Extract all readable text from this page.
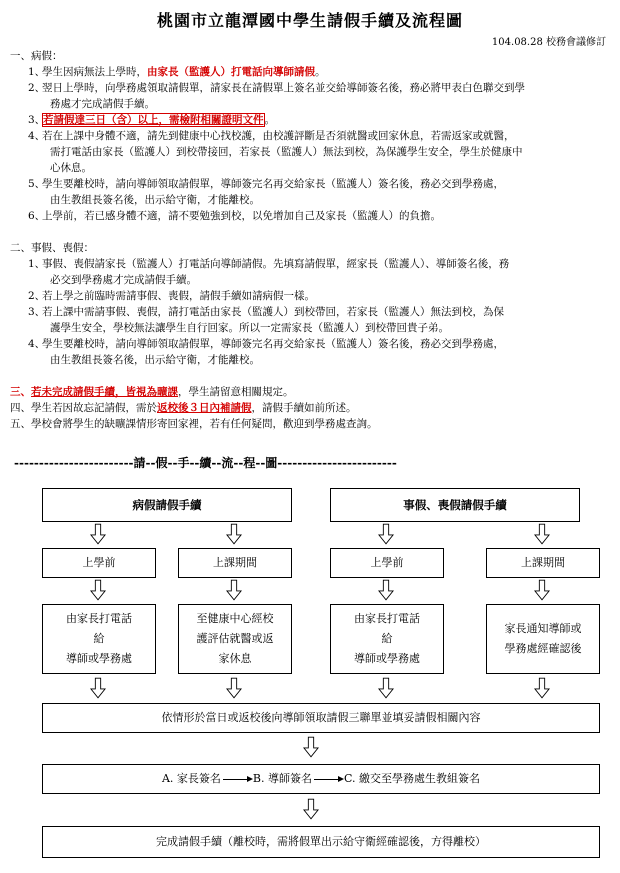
桃園市立龍潭國中學生請假手續及流程圖
104.08.28 校務會議修訂
一、病假：
1、學生因病無法上學時，由家長（監護人）打電話向導師請假。
2、翌日上學時，向學務處領取請假單，請家長在請假單上簽名並交給導師簽名後，務必將甲表白色聯交到學
務處才完成請假手續。
3、若請假達三日（含）以上，需檢附相關證明文件。
4、若在上課中身體不適，請先到健康中心找校護，由校護評斷是否須就醫或回家休息，若需返家或就醫，
需打電話由家長（監護人）到校帶接回，若家長（監護人）無法到校，為保護學生安全，學生於健康中
心休息。
5、學生要離校時，請向導師領取請假單，導師簽完名再交給家長（監護人）簽名後，務必交到學務處，
由生教組長簽名後，出示給守衛，才能離校。
6、上學前，若已感身體不適，請不要勉強到校，以免增加自己及家長（監護人）的負擔。
二、事假、喪假：
1、事假、喪假請家長（監護人）打電話向導師請假。先填寫請假單，經家長（監護人）、導師簽名後，務
必交到學務處才完成請假手續。
2、若上學之前臨時需請事假、喪假，請假手續如請病假一樣。
3、若上課中需請事假、喪假，請打電話由家長（監護人）到校帶回，若家長（監護人）無法到校，為保
護學生安全，學校無法讓學生自行回家。所以一定需家長（監護人）到校帶回貴子弟。
4、學生要離校時，請向導師領取請假單，導師簽完名再交給家長（監護人）簽名後，務必交到學務處，
由生教組長簽名後，出示給守衛，才能離校。
三、若未完成請假手續，皆視為曠課，學生請留意相關規定。
四、學生若因故忘記請假，需於返校後３日內補請假，請假手續如前所述。
五、學校會將學生的缺曠課情形寄回家裡，若有任何疑問，歡迎到學務處查詢。
------------------------請--假--手--續--流--程--圖------------------------
病假請假手續	事假、喪假請假手續
上學前	上課期間	上學前	上課期間
由家長打電話
給
導師或學務處
至健康中心經校
護評估就醫或返
家休息
由家長打電話
給
導師或學務處
家長通知導師或
學務處經確認後
依情形於當日或返校後向導師領取請假三聯單並填妥請假相關內容
A. 家長簽名	B. 導師簽名	C. 繳交至學務處生教組簽名
完成請假手續（離校時，需將假單出示給守衛經確認後，方得離校）
